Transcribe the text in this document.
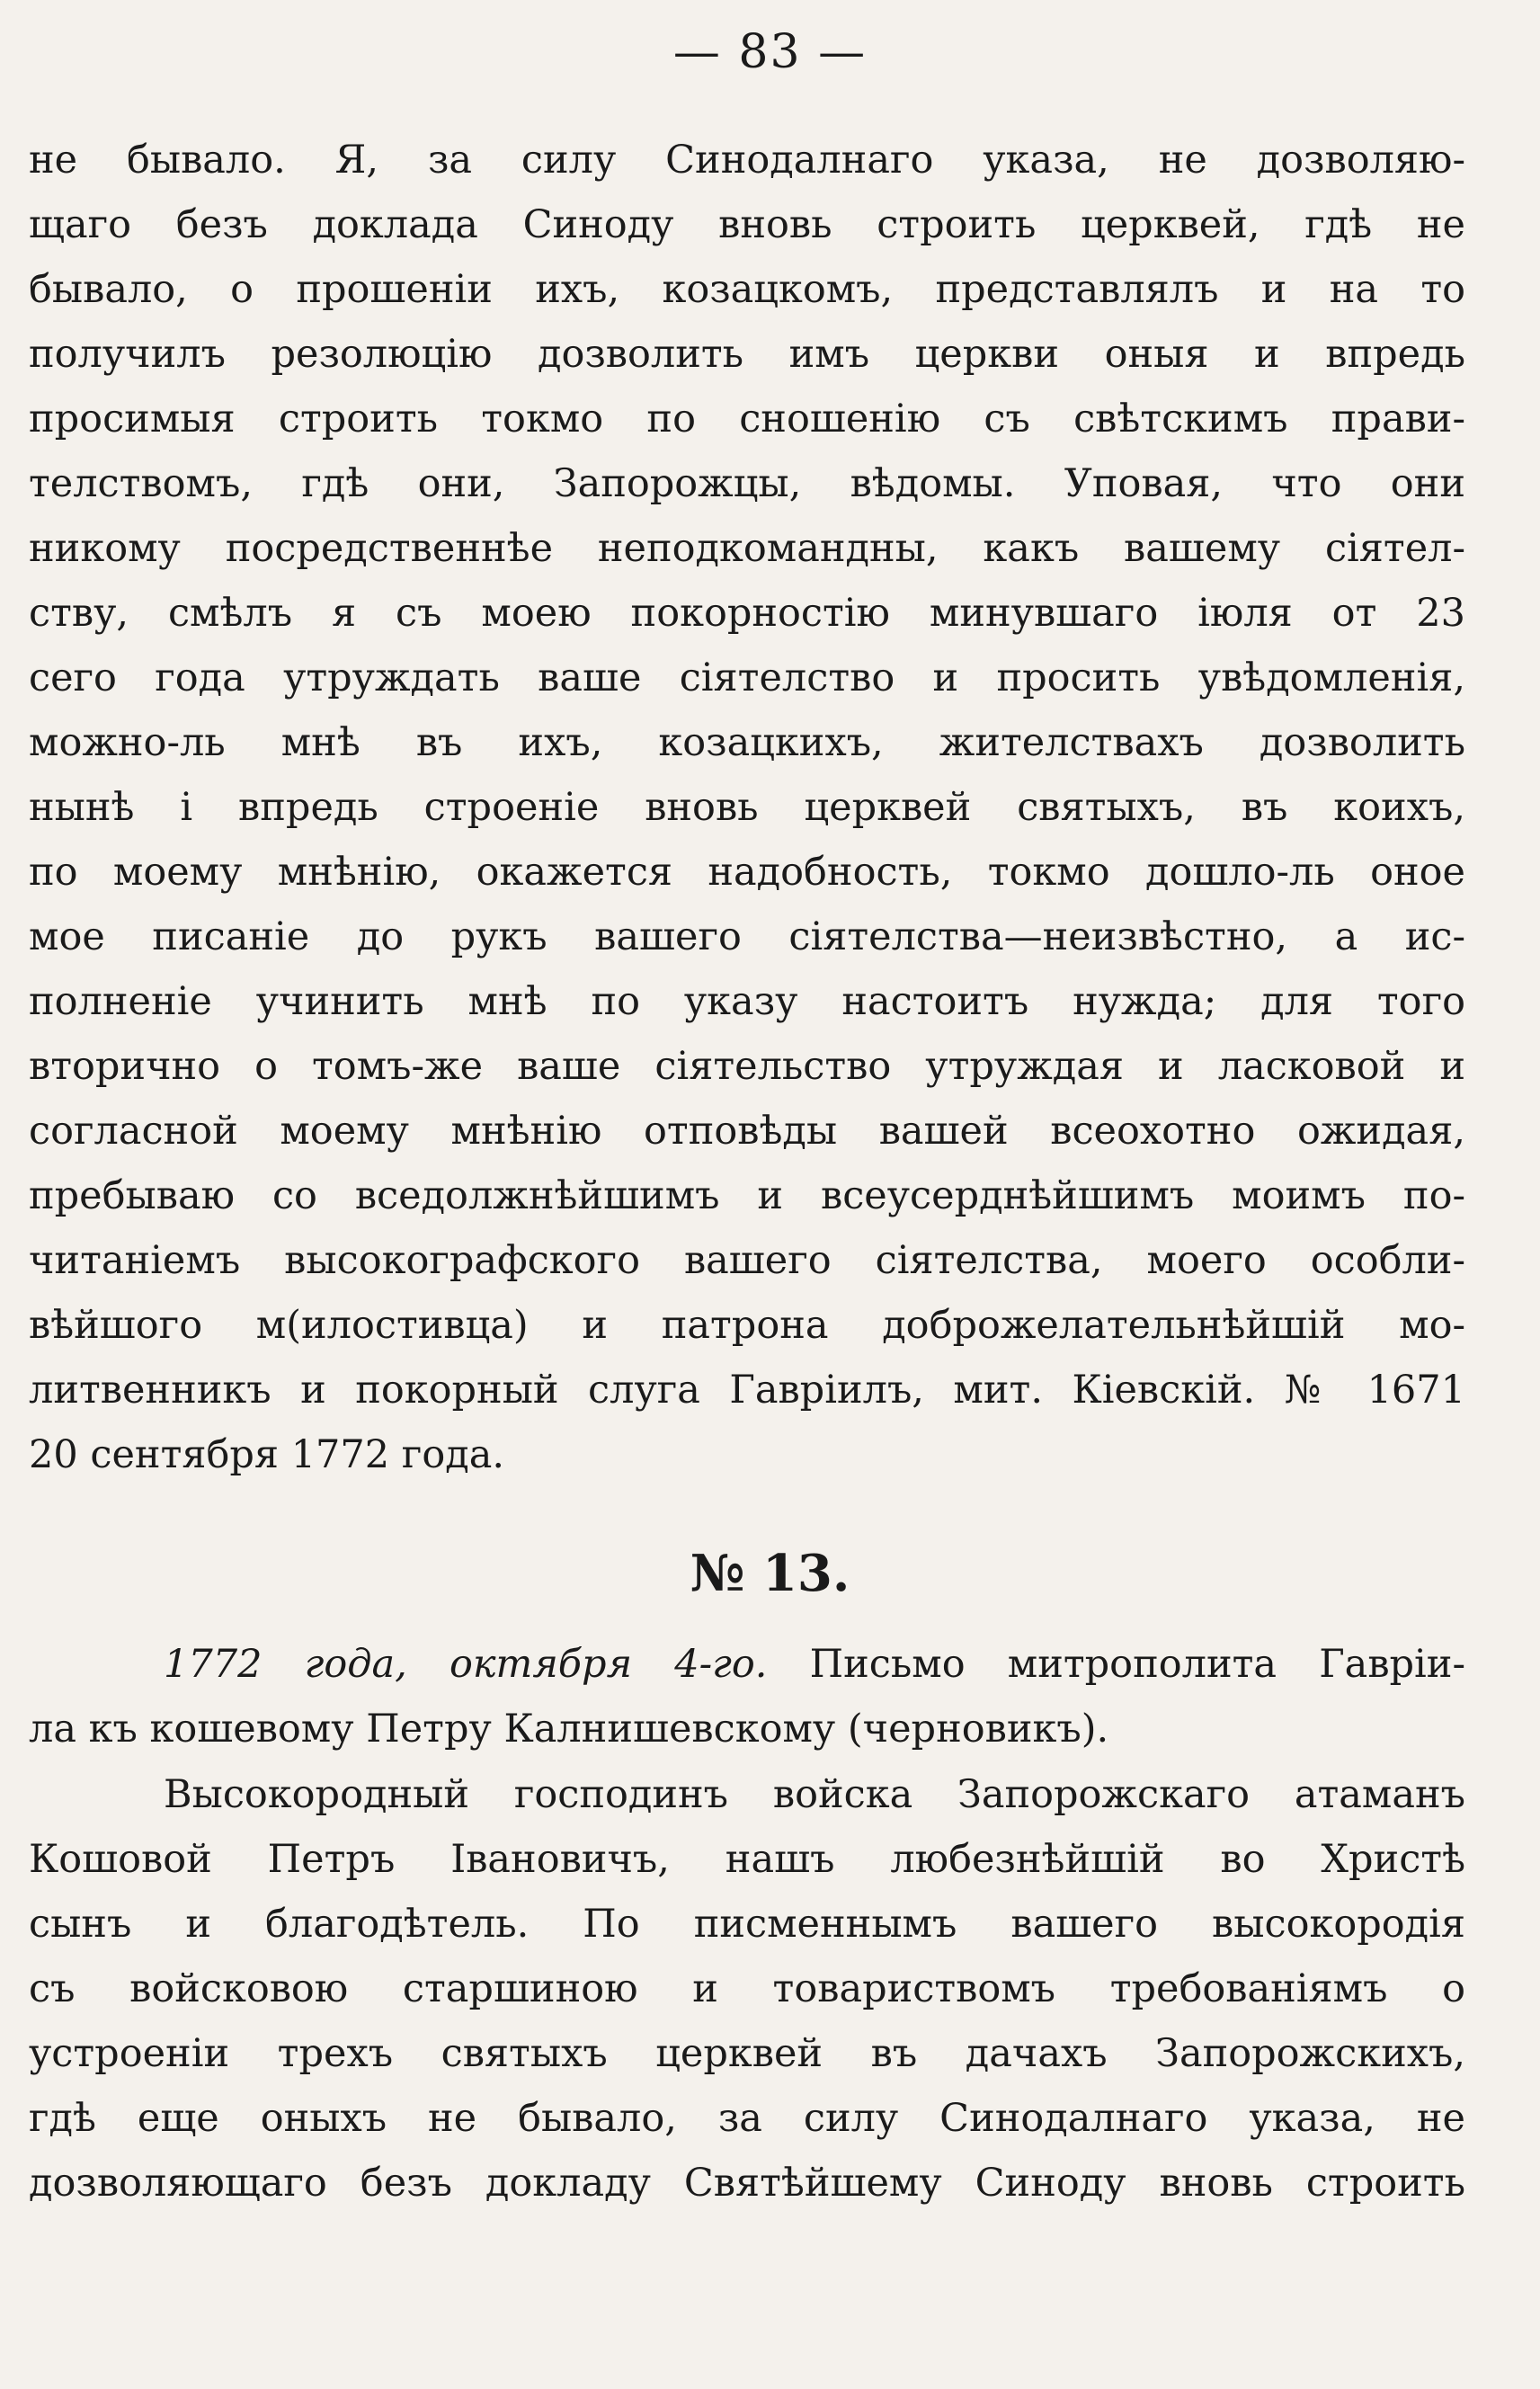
— 83 —
не бывало. Я, за силу Синодалнаго указа, не дозволяю-
щаго безъ доклада Синоду вновь строить церквей, гдѣ не
бывало, о прошеніи ихъ, козацкомъ, представлялъ и на то
получилъ резолюцію дозволить имъ церкви оныя и впредь
просимыя строить токмо по сношенію съ свѣтскимъ прави-
телствомъ, гдѣ они, Запорожцы, вѣдомы. Уповая, что они
никому посредственнѣе неподкомандны, какъ вашему сіятел-
ству, смѣлъ я съ моею покорностію минувшаго іюля от 23
сего года утруждать ваше сіятелство и просить увѣдомленія,
можно-ль мнѣ въ ихъ, козацкихъ, жителствахъ дозволить
нынѣ і впредь строеніе вновь церквей святыхъ, въ коихъ,
по моему мнѣнію, окажется надобность, токмо дошло-ль оное
мое писаніе до рукъ вашего сіятелства—неизвѣстно, а ис-
полненіе учинить мнѣ по указу настоитъ нужда; для того
вторично о томъ-же ваше сіятельство утруждая и ласковой и
согласной моему мнѣнію отповѣды вашей всеохотно ожидая,
пребываю со вседолжнѣйшимъ и всеусерднѣйшимъ моимъ по-
читаніемъ высокографского вашего сіятелства, моего особли-
вѣйшого м(илостивца) и патрона доброжелательнѣйшій мо-
литвенникъ и покорный слуга Гавріилъ, мит. Кіевскій. № 1671
20 сентября 1772 года.
№ 13.
1772 года, октября 4-го. Письмо митрополита Гавріи-
ла къ кошевому Петру Калнишевскому (черновикъ).
Высокородный господинъ войска Запорожскаго атаманъ
Кошовой Петръ Івановичъ, нашъ любезнѣйшій во Христѣ
сынъ и благодѣтель. По писменнымъ вашего высокородія
съ войсковою старшиною и товариствомъ требованіямъ о
устроеніи трехъ святыхъ церквей въ дачахъ Запорожскихъ,
гдѣ еще оныхъ не бывало, за силу Синодалнаго указа, не
дозволяющаго безъ докладу Святѣйшему Синоду вновь строить
